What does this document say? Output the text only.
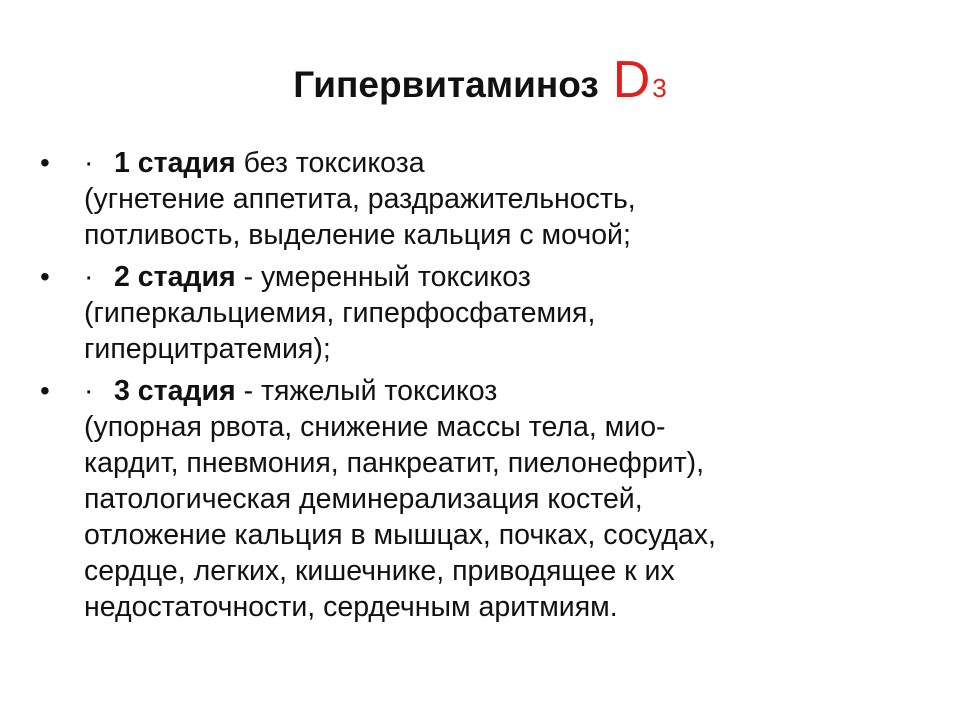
Гипервитаминоз D3
• · 1 стадия без токсикоза
(угнетение аппетита, раздражительность,
потливость, выделение кальция с мочой;
• · 2 стадия - умеренный токсикоз
(гиперкальциемия, гиперфосфатемия,
гиперцитратемия);
• · 3 стадия - тяжелый токсикоз
(упорная рвота, снижение массы тела, мио-
кардит, пневмония, панкреатит, пиелонефрит),
патологическая деминерализация костей,
отложение кальция в мышцах, почках, сосудах,
сердце, легких, кишечнике, приводящее к их
недостаточности, сердечным аритмиям.
